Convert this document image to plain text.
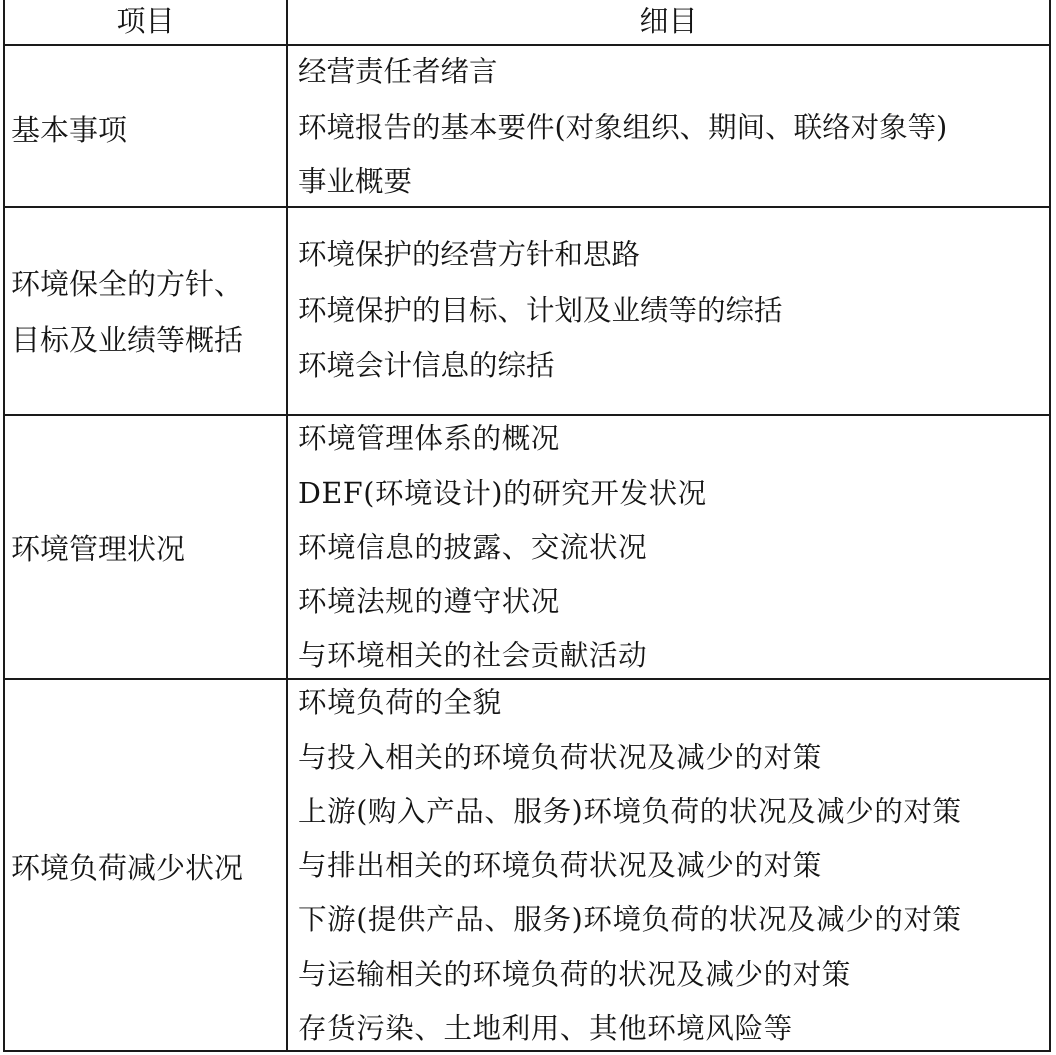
项目	细目
基本事项
经营责任者绪言
环境报告的基本要件(对象组织、期间、联络对象等)
事业概要
环境保全的方针、
目标及业绩等概括
环境保护的经营方针和思路
环境保护的目标、计划及业绩等的综括
环境会计信息的综括
环境管理状况
环境管理体系的概况
DEF(环境设计)的研究开发状况
环境信息的披露、交流状况
环境法规的遵守状况
与环境相关的社会贡献活动
环境负荷减少状况
环境负荷的全貌
与投入相关的环境负荷状况及减少的对策
上游(购入产品、服务)环境负荷的状况及减少的对策
与排出相关的环境负荷状况及减少的对策
下游(提供产品、服务)环境负荷的状况及减少的对策
与运输相关的环境负荷的状况及减少的对策
存货污染、土地利用、其他环境风险等
